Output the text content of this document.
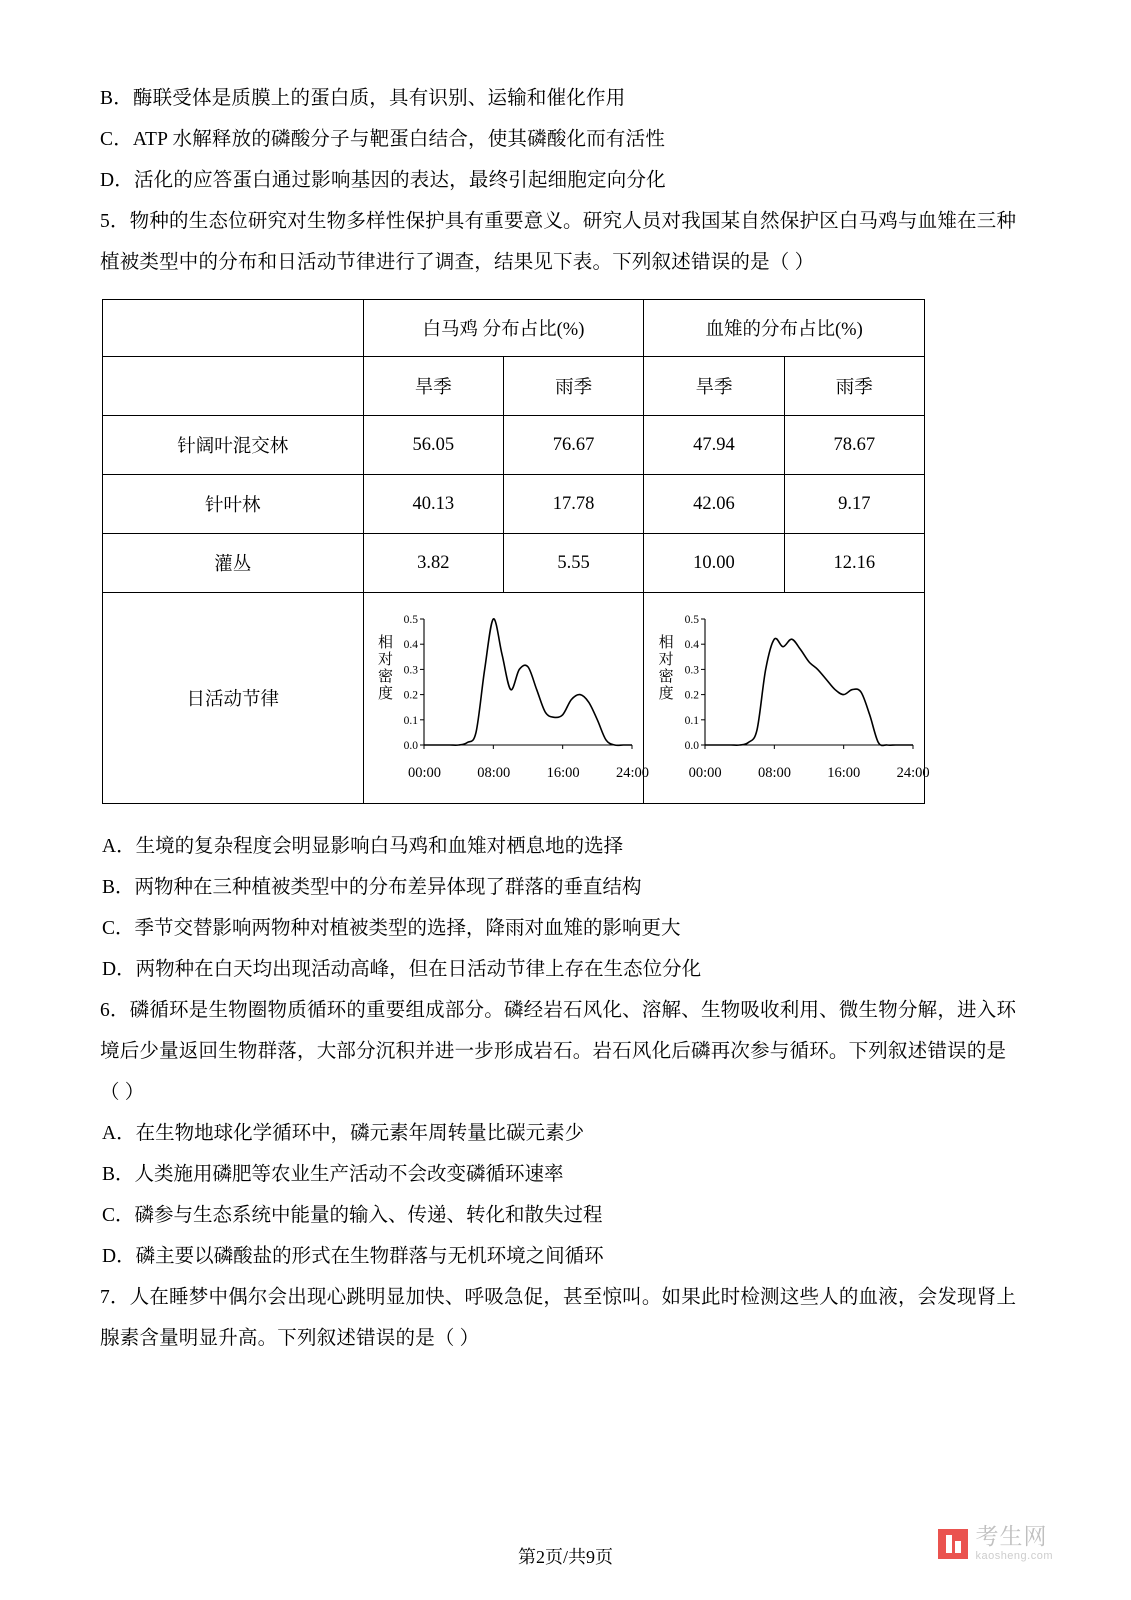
B．酶联受体是质膜上的蛋白质，具有识别、运输和催化作用
C．ATP 水解释放的磷酸分子与靶蛋白结合，使其磷酸化而有活性
D．活化的应答蛋白通过影响基因的表达，最终引起细胞定向分化
5．物种的生态位研究对生物多样性保护具有重要意义。研究人员对我国某自然保护区白马鸡与血雉在三种
植被类型中的分布和日活动节律进行了调查，结果见下表。下列叙述错误的是（ ）
	白马鸡 分布占比(%)		血雉的分布占比(%)	
	旱季	雨季	旱季	雨季
针阔叶混交林	56.05	76.67	47.94	78.67
针叶林	40.13	17.78	42.06	9.17
灌丛	3.82	5.55	10.00	12.16
日活动节律	
相对密度
0.0
0.1
0.2
0.3
0.4
0.5
00:00	08:00	16:00	24:00

相对密度
0.0
0.1
0.2
0.3
0.4
0.5
00:00	08:00	16:00	24:00
A．生境的复杂程度会明显影响白马鸡和血雉对栖息地的选择
B．两物种在三种植被类型中的分布差异体现了群落的垂直结构
C．季节交替影响两物种对植被类型的选择，降雨对血雉的影响更大
D．两物种在白天均出现活动高峰，但在日活动节律上存在生态位分化
6．磷循环是生物圈物质循环的重要组成部分。磷经岩石风化、溶解、生物吸收利用、微生物分解，进入环
境后少量返回生物群落，大部分沉积并进一步形成岩石。岩石风化后磷再次参与循环。下列叙述错误的是
（ ）
A．在生物地球化学循环中，磷元素年周转量比碳元素少
B．人类施用磷肥等农业生产活动不会改变磷循环速率
C．磷参与生态系统中能量的输入、传递、转化和散失过程
D．磷主要以磷酸盐的形式在生物群落与无机环境之间循环
7．人在睡梦中偶尔会出现心跳明显加快、呼吸急促，甚至惊叫。如果此时检测这些人的血液，会发现肾上
腺素含量明显升高。下列叙述错误的是（ ）
第2页/共9页
考生网
kaosheng.com
